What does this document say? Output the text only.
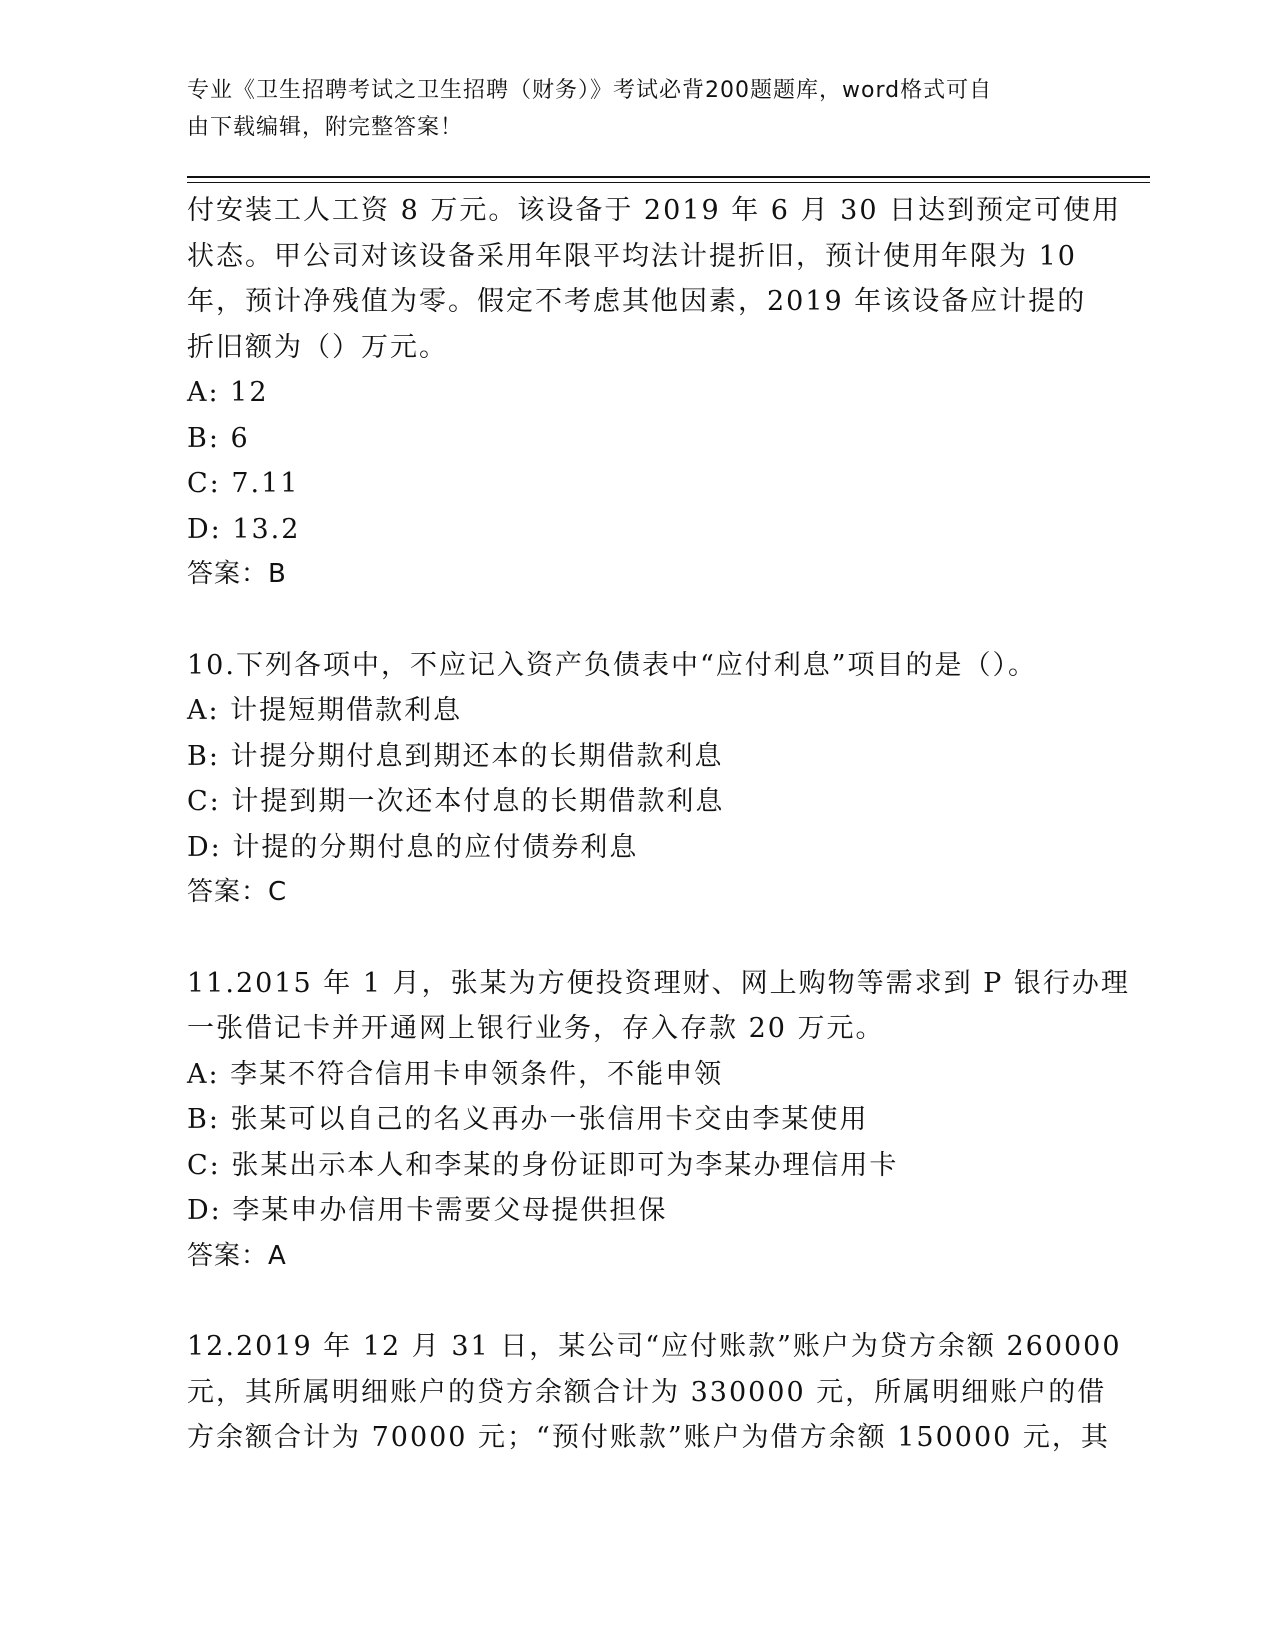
专业《卫生招聘考试之卫生招聘（财务）》考试必背200题题库，word格式可自
由下载编辑，附完整答案！
付安装工人工资 8 万元。该设备于 2019 年 6 月 30 日达到预定可使用
状态。甲公司对该设备采用年限平均法计提折旧，预计使用年限为 10
年，预计净残值为零。假定不考虑其他因素，2019 年该设备应计提的
折旧额为（）万元。
A: 12
B: 6
C: 7.11
D: 13.2
答案：B
10.下列各项中，不应记入资产负债表中“应付利息”项目的是（）。
A: 计提短期借款利息
B: 计提分期付息到期还本的长期借款利息
C: 计提到期一次还本付息的长期借款利息
D: 计提的分期付息的应付债券利息
答案：C
11.2015 年 1 月，张某为方便投资理财、网上购物等需求到 P 银行办理
一张借记卡并开通网上银行业务，存入存款 20 万元。
A: 李某不符合信用卡申领条件，不能申领
B: 张某可以自己的名义再办一张信用卡交由李某使用
C: 张某出示本人和李某的身份证即可为李某办理信用卡
D: 李某申办信用卡需要父母提供担保
答案：A
12.2019 年 12 月 31 日，某公司“应付账款”账户为贷方余额 260000
元，其所属明细账户的贷方余额合计为 330000 元，所属明细账户的借
方余额合计为 70000 元；“预付账款”账户为借方余额 150000 元，其
